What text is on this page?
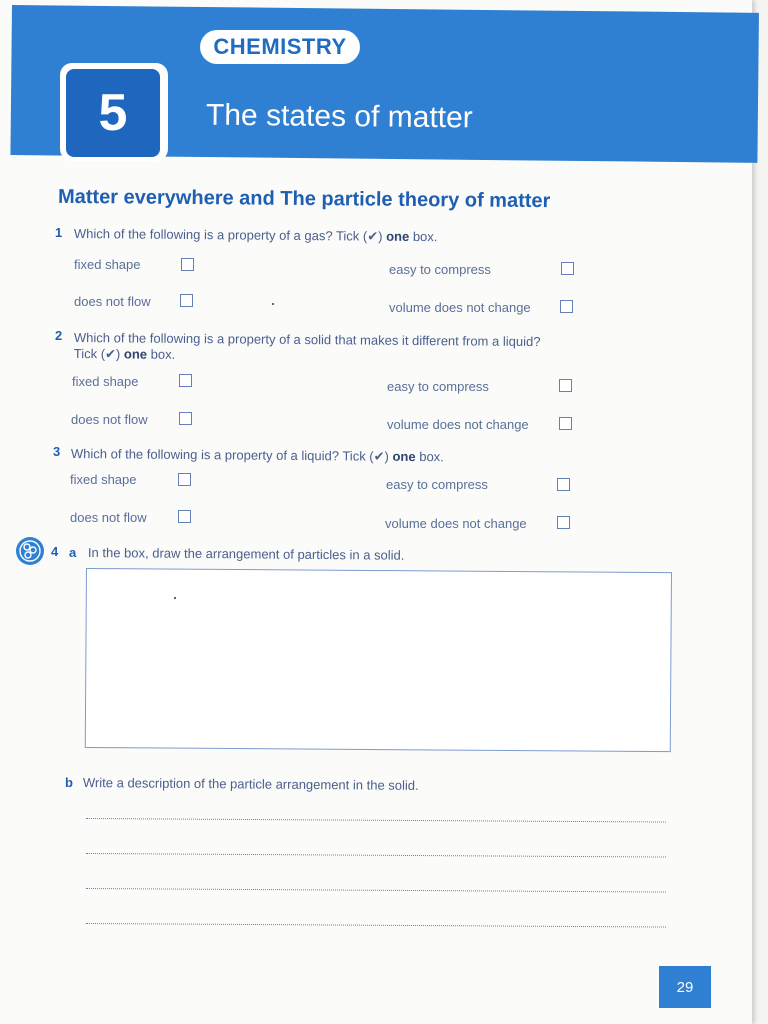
CHEMISTRY
5	The states of matter
Matter everywhere and The particle theory of matter
1 Which of the following is a property of a gas? Tick (✔) one box.
fixed shape	easy to compress
does not flow	volume does not change
2 Which of the following is a property of a solid that makes it different from a liquid?
Tick (✔) one box.
fixed shape	easy to compress
does not flow	volume does not change
3 Which of the following is a property of a liquid? Tick (✔) one box.
fixed shape	easy to compress
does not flow	volume does not change
4 a In the box, draw the arrangement of particles in a solid.
b Write a description of the particle arrangement in the solid.
29
